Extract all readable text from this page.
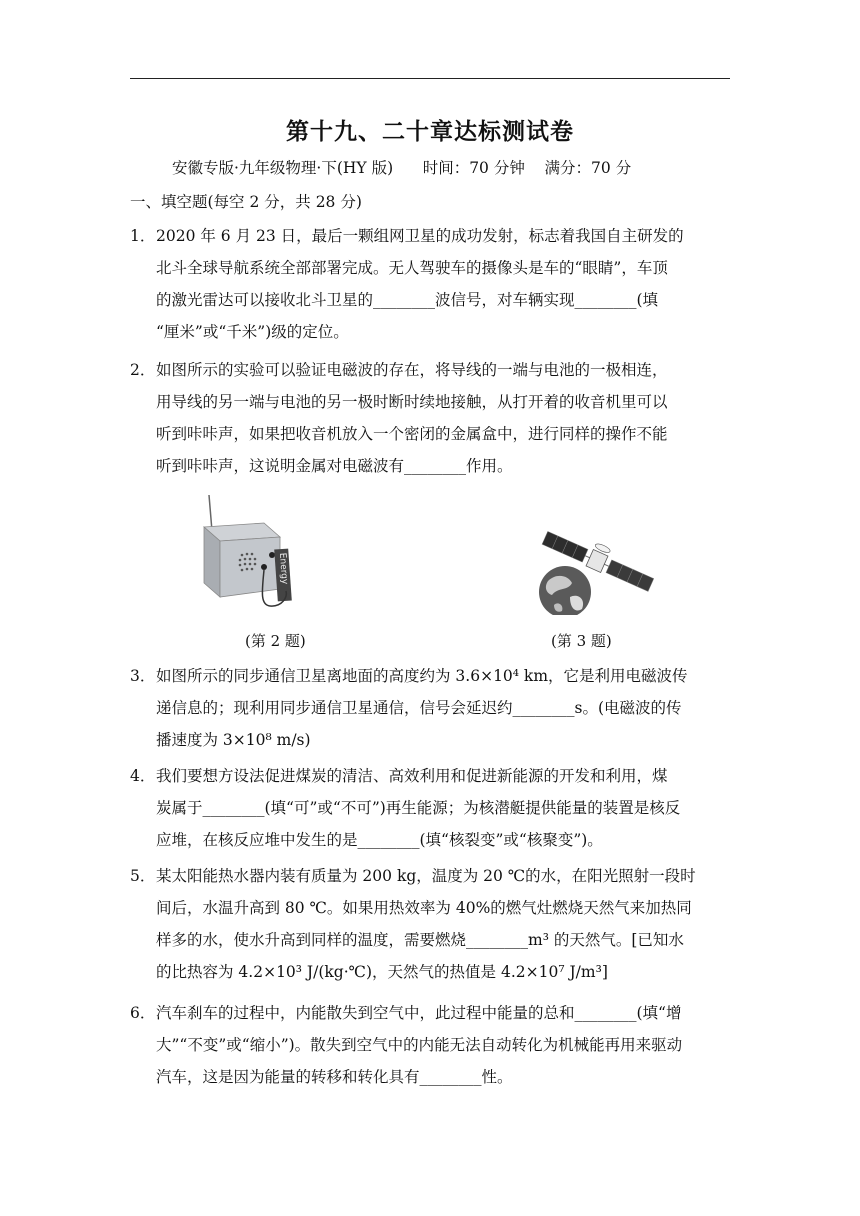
第十九、二十章达标测试卷
安徽专版·九年级物理·下(HY 版)      时间：70 分钟    满分：70 分
一、填空题(每空 2 分，共 28 分)
1． 2020 年 6 月 23 日，最后一颗组网卫星的成功发射，标志着我国自主研发的
北斗全球导航系统全部部署完成。无人驾驶车的摄像头是车的“眼睛”，车顶
的激光雷达可以接收北斗卫星的________波信号，对车辆实现________(填
“厘米”或“千米”)级的定位。
2． 如图所示的实验可以验证电磁波的存在，将导线的一端与电池的一极相连，
用导线的另一端与电池的另一极时断时续地接触，从打开着的收音机里可以
听到咔咔声，如果把收音机放入一个密闭的金属盒中，进行同样的操作不能
听到咔咔声，这说明金属对电磁波有________作用。
Energy
(第 2 题)	(第 3 题)
3． 如图所示的同步通信卫星离地面的高度约为 3.6×10⁴ km，它是利用电磁波传
递信息的；现利用同步通信卫星通信，信号会延迟约________s。(电磁波的传
播速度为 3×10⁸ m/s)
4． 我们要想方设法促进煤炭的清洁、高效利用和促进新能源的开发和利用，煤
炭属于________(填“可”或“不可”)再生能源；为核潜艇提供能量的装置是核反
应堆，在核反应堆中发生的是________(填“核裂变”或“核聚变”)。
5． 某太阳能热水器内装有质量为 200 kg，温度为 20 ℃的水，在阳光照射一段时
间后，水温升高到 80 ℃。如果用热效率为 40%的燃气灶燃烧天然气来加热同
样多的水，使水升高到同样的温度，需要燃烧________m³ 的天然气。[已知水
的比热容为 4.2×10³ J/(kg·℃)，天然气的热值是 4.2×10⁷ J/m³]
6． 汽车刹车的过程中，内能散失到空气中，此过程中能量的总和________(填“增
大”“不变”或“缩小”)。散失到空气中的内能无法自动转化为机械能再用来驱动
汽车，这是因为能量的转移和转化具有________性。
